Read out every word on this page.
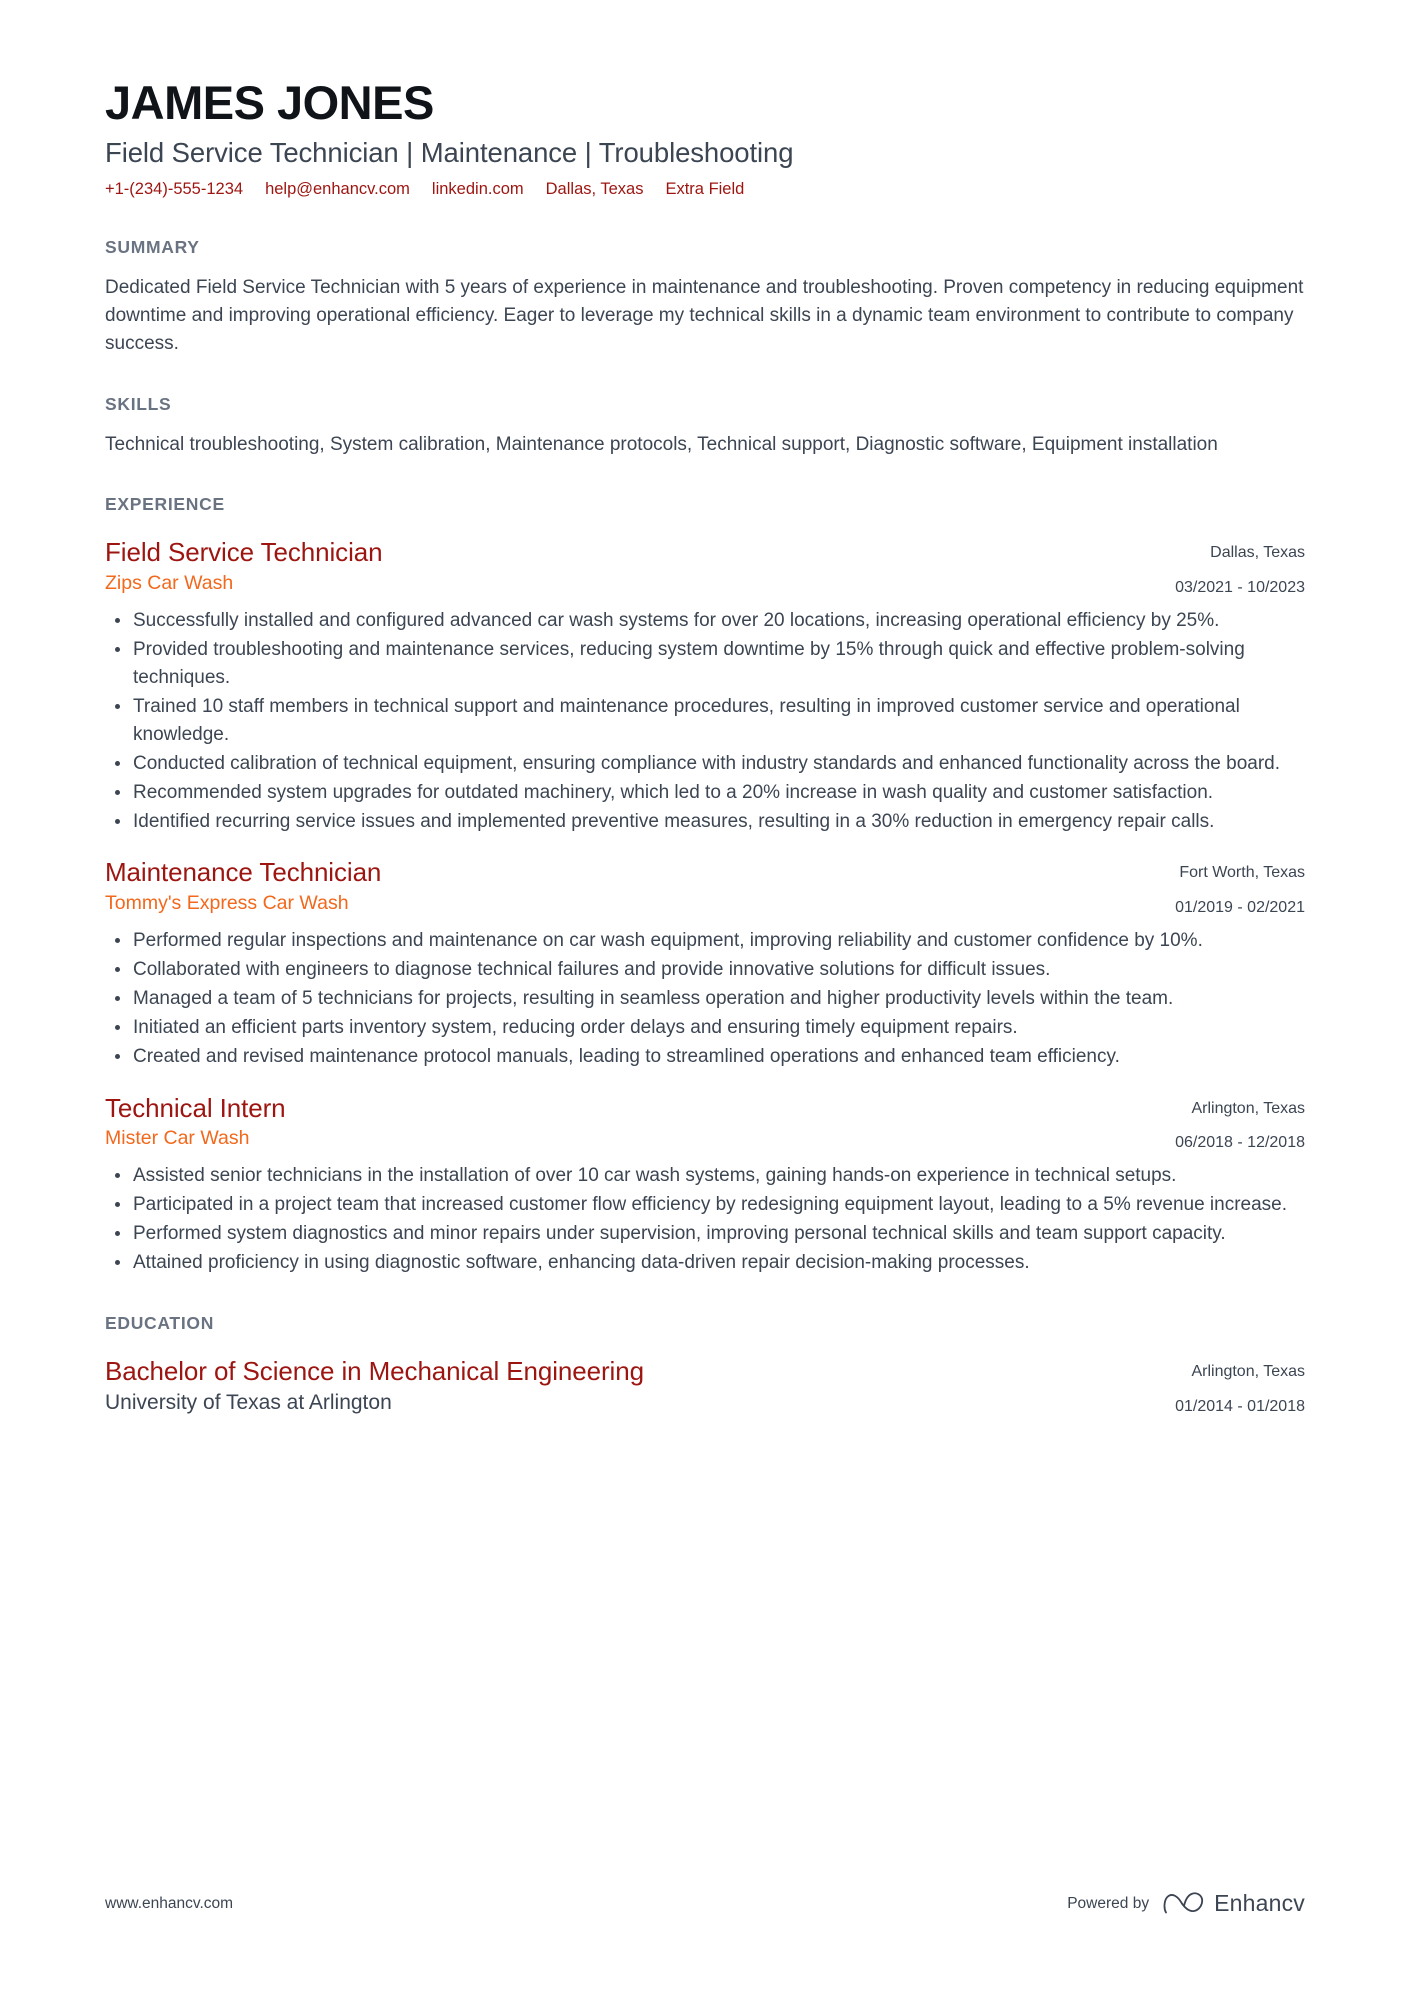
JAMES JONES
Field Service Technician | Maintenance | Troubleshooting
+1-(234)-555-1234 help@enhancv.com linkedin.com Dallas, Texas Extra Field
SUMMARY

Dedicated Field Service Technician with 5 years of experience in maintenance and troubleshooting. Proven competency in reducing equipment downtime and improving operational efficiency. Eager to leverage my technical skills in a dynamic team environment to contribute to company success.

SKILLS

Technical troubleshooting, System calibration, Maintenance protocols, Technical support, Diagnostic software, Equipment installation

EXPERIENCE
Field Service Technician
Zips Car Wash
Dallas, Texas
03/2021 - 10/2023
Successfully installed and configured advanced car wash systems for over 20 locations, increasing operational efficiency by 25%.
Provided troubleshooting and maintenance services, reducing system downtime by 15% through quick and effective problem-solving techniques.
Trained 10 staff members in technical support and maintenance procedures, resulting in improved customer service and operational knowledge.
Conducted calibration of technical equipment, ensuring compliance with industry standards and enhanced functionality across the board.
Recommended system upgrades for outdated machinery, which led to a 20% increase in wash quality and customer satisfaction.
Identified recurring service issues and implemented preventive measures, resulting in a 30% reduction in emergency repair calls.
Maintenance Technician
Tommy's Express Car Wash
Fort Worth, Texas
01/2019 - 02/2021
Performed regular inspections and maintenance on car wash equipment, improving reliability and customer confidence by 10%.
Collaborated with engineers to diagnose technical failures and provide innovative solutions for difficult issues.
Managed a team of 5 technicians for projects, resulting in seamless operation and higher productivity levels within the team.
Initiated an efficient parts inventory system, reducing order delays and ensuring timely equipment repairs.
Created and revised maintenance protocol manuals, leading to streamlined operations and enhanced team efficiency.
Technical Intern
Mister Car Wash
Arlington, Texas
06/2018 - 12/2018
Assisted senior technicians in the installation of over 10 car wash systems, gaining hands-on experience in technical setups.
Participated in a project team that increased customer flow efficiency by redesigning equipment layout, leading to a 5% revenue increase.
Performed system diagnostics and minor repairs under supervision, improving personal technical skills and team support capacity.
Attained proficiency in using diagnostic software, enhancing data-driven repair decision-making processes.
EDUCATION
Bachelor of Science in Mechanical Engineering
University of Texas at Arlington
Arlington, Texas
01/2014 - 01/2018
www.enhancv.com	Powered by	Enhancv
